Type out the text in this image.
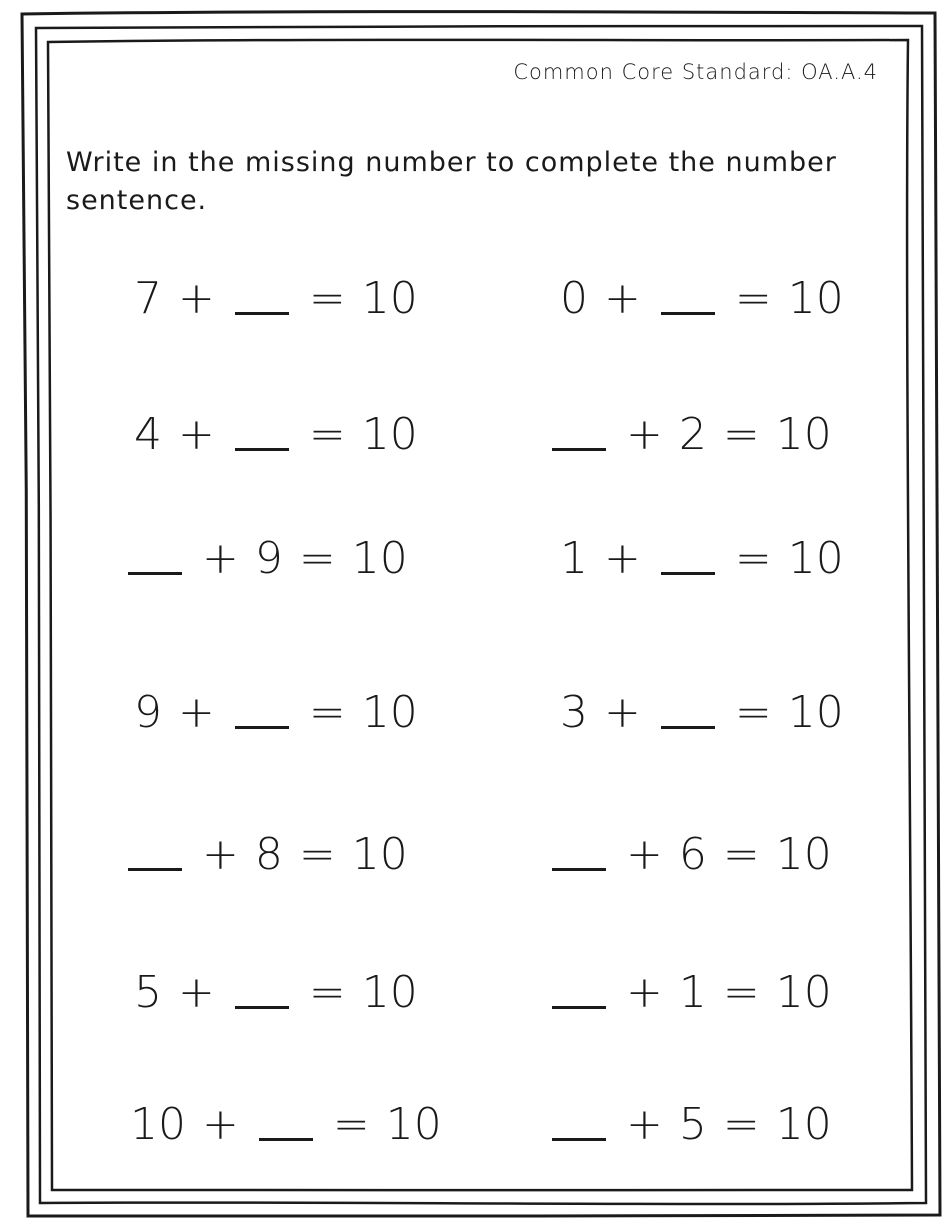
Common Core Standard: OA.A.4
Write in the missing number to complete the number sentence.
7 + = 10	0 + = 10
4 + = 10	+ 2 = 10
+ 9 = 10	1 + = 10
9 + = 10	3 + = 10
+ 8 = 10	+ 6 = 10
5 + = 10	+ 1 = 10
10 + = 10	+ 5 = 10
